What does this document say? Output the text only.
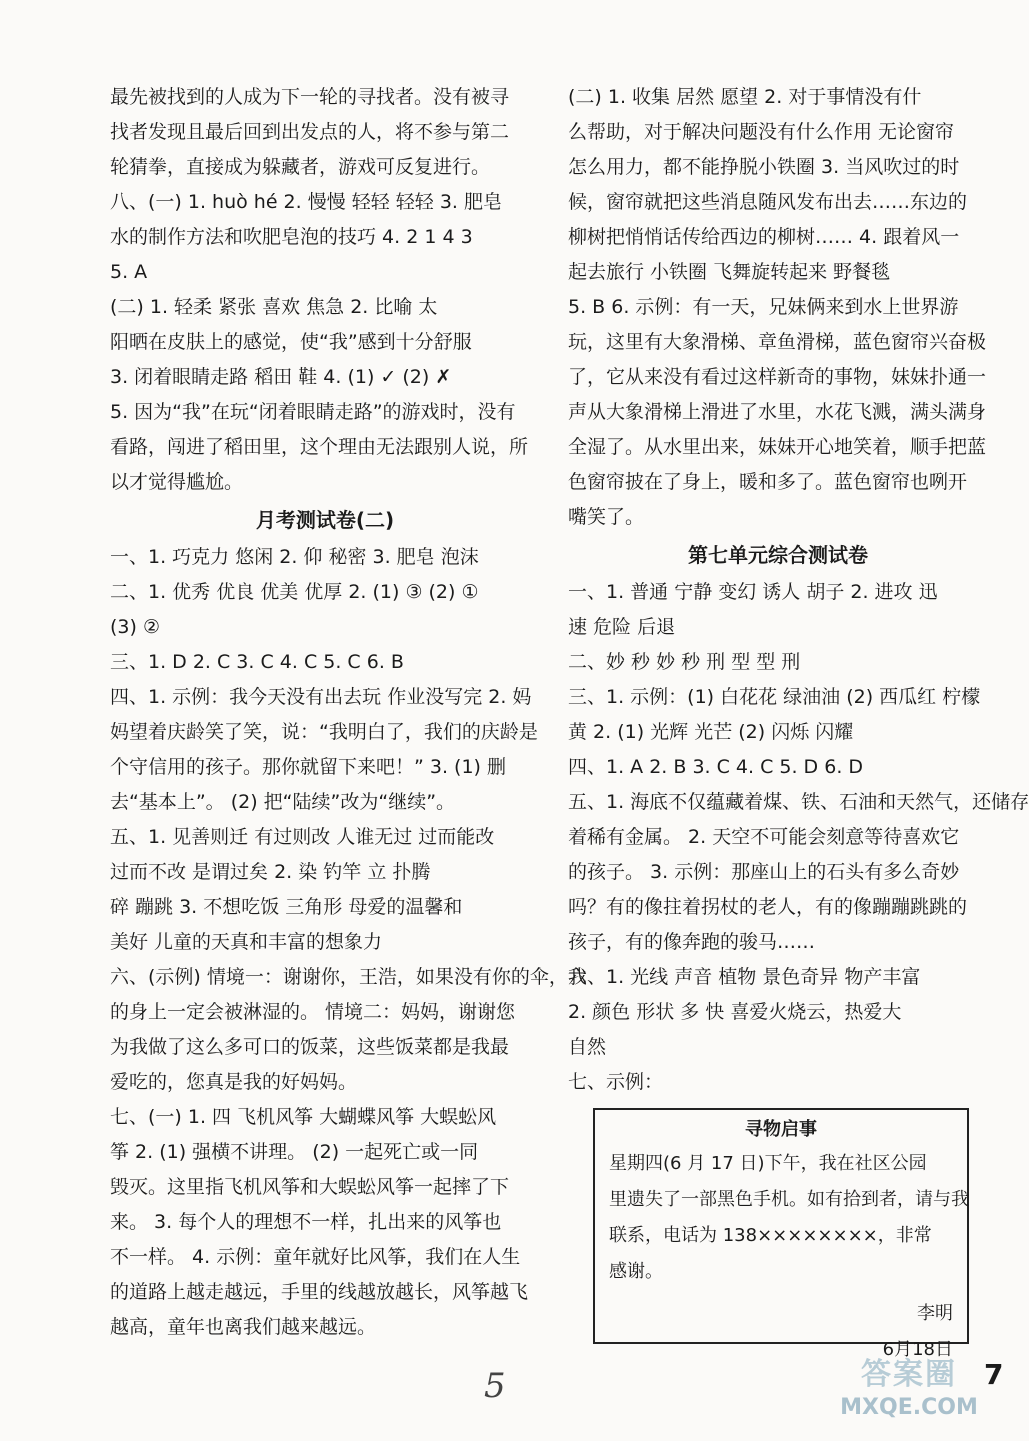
最先被找到的人成为下一轮的寻找者。没有被寻
找者发现且最后回到出发点的人，将不参与第二
轮猜拳，直接成为躲藏者，游戏可反复进行。
八、(一) 1. huò hé 2. 慢慢 轻轻 轻轻 3. 肥皂
水的制作方法和吹肥皂泡的技巧 4. 2 1 4 3
5. A
(二) 1. 轻柔 紧张 喜欢 焦急 2. 比喻 太
阳晒在皮肤上的感觉，使“我”感到十分舒服
3. 闭着眼睛走路 稻田 鞋 4. (1) ✓ (2) ✗
5. 因为“我”在玩“闭着眼睛走路”的游戏时，没有
看路，闯进了稻田里，这个理由无法跟别人说，所
以才觉得尴尬。
月考测试卷(二)
一、1. 巧克力 悠闲 2. 仰 秘密 3. 肥皂 泡沫
二、1. 优秀 优良 优美 优厚 2. (1) ③ (2) ①
(3) ②
三、1. D 2. C 3. C 4. C 5. C 6. B
四、1. 示例：我今天没有出去玩 作业没写完 2. 妈
妈望着庆龄笑了笑，说：“我明白了，我们的庆龄是
个守信用的孩子。那你就留下来吧！” 3. (1) 删
去“基本上”。 (2) 把“陆续”改为“继续”。
五、1. 见善则迁 有过则改 人谁无过 过而能改
过而不改 是谓过矣 2. 染 钓竿 立 扑腾
碎 蹦跳 3. 不想吃饭 三角形 母爱的温馨和
美好 儿童的天真和丰富的想象力
六、(示例) 情境一：谢谢你，王浩，如果没有你的伞，我
的身上一定会被淋湿的。 情境二：妈妈，谢谢您
为我做了这么多可口的饭菜，这些饭菜都是我最
爱吃的，您真是我的好妈妈。
七、(一) 1. 四 飞机风筝 大蝴蝶风筝 大蜈蚣风
筝 2. (1) 强横不讲理。 (2) 一起死亡或一同
毁灭。这里指飞机风筝和大蜈蚣风筝一起摔了下
来。 3. 每个人的理想不一样，扎出来的风筝也
不一样。 4. 示例：童年就好比风筝，我们在人生
的道路上越走越远，手里的线越放越长，风筝越飞
越高，童年也离我们越来越远。
(二) 1. 收集 居然 愿望 2. 对于事情没有什
么帮助，对于解决问题没有什么作用 无论窗帘
怎么用力，都不能挣脱小铁圈 3. 当风吹过的时
候，窗帘就把这些消息随风发布出去……东边的
柳树把悄悄话传给西边的柳树…… 4. 跟着风一
起去旅行 小铁圈 飞舞旋转起来 野餐毯
5. B 6. 示例：有一天，兄妹俩来到水上世界游
玩，这里有大象滑梯、章鱼滑梯，蓝色窗帘兴奋极
了，它从来没有看过这样新奇的事物，妹妹扑通一
声从大象滑梯上滑进了水里，水花飞溅，满头满身
全湿了。从水里出来，妹妹开心地笑着，顺手把蓝
色窗帘披在了身上，暖和多了。蓝色窗帘也咧开
嘴笑了。
第七单元综合测试卷
一、1. 普通 宁静 变幻 诱人 胡子 2. 进攻 迅
速 危险 后退
二、妙 秒 妙 秒 刑 型 型 刑
三、1. 示例：(1) 白花花 绿油油 (2) 西瓜红 柠檬
黄 2. (1) 光辉 光芒 (2) 闪烁 闪耀
四、1. A 2. B 3. C 4. C 5. D 6. D
五、1. 海底不仅蕴藏着煤、铁、石油和天然气，还储存
着稀有金属。 2. 天空不可能会刻意等待喜欢它
的孩子。 3. 示例：那座山上的石头有多么奇妙
吗？有的像拄着拐杖的老人，有的像蹦蹦跳跳的
孩子，有的像奔跑的骏马……
六、1. 光线 声音 植物 景色奇异 物产丰富
2. 颜色 形状 多 快 喜爱火烧云，热爱大
自然
七、示例：
寻物启事
星期四(6 月 17 日)下午，我在社区公园
里遗失了一部黑色手机。如有拾到者，请与我
联系，电话为 138××××××××，非常
感谢。
李明
6月18日
5	7
答案圈
MXQE.COM
